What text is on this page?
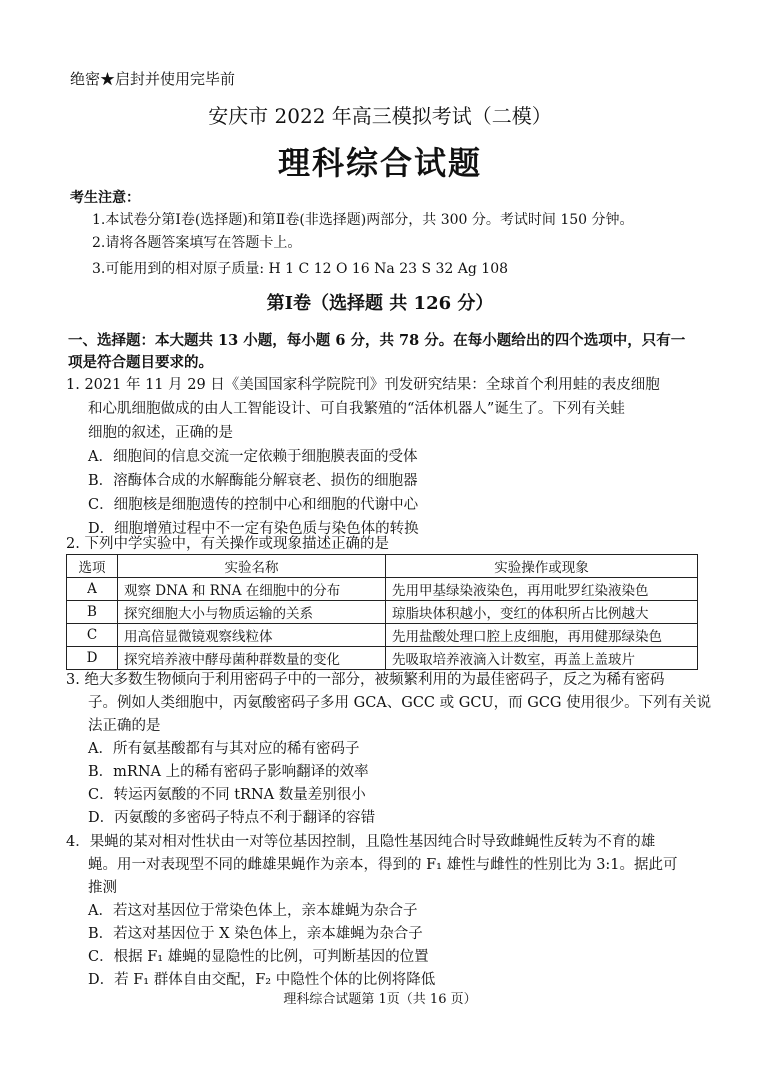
绝密★启封并使用完毕前
安庆市 2022 年高三模拟考试（二模）
理科综合试题
考生注意：
1.本试卷分第Ⅰ卷(选择题)和第Ⅱ卷(非选择题)两部分，共 300 分。考试时间 150 分钟。
2.请将各题答案填写在答题卡上。
3.可能用到的相对原子质量: H 1 C 12 O 16 Na 23 S 32 Ag 108
第Ⅰ卷（选择题 共 126 分）
一、选择题：本大题共 13 小题，每小题 6 分，共 78 分。在每小题给出的四个选项中，只有一项是符合题目要求的。
1. 2021 年 11 月 29 日《美国国家科学院院刊》刊发研究结果：全球首个利用蛙的表皮细胞
和心肌细胞做成的由人工智能设计、可自我繁殖的“活体机器人”诞生了。下列有关蛙
细胞的叙述，正确的是
A．细胞间的信息交流一定依赖于细胞膜表面的受体
B．溶酶体合成的水解酶能分解衰老、损伤的细胞器
C．细胞核是细胞遗传的控制中心和细胞的代谢中心
D．细胞增殖过程中不一定有染色质与染色体的转换
2. 下列中学实验中，有关操作或现象描述正确的是
选项	实验名称	实验操作或现象
A	观察 DNA 和 RNA 在细胞中的分布	先用甲基绿染液染色，再用吡罗红染液染色
B	探究细胞大小与物质运输的关系	琼脂块体积越小，变红的体积所占比例越大
C	用高倍显微镜观察线粒体	先用盐酸处理口腔上皮细胞，再用健那绿染色
D	探究培养液中酵母菌种群数量的变化	先吸取培养液滴入计数室，再盖上盖玻片
3. 绝大多数生物倾向于利用密码子中的一部分，被频繁利用的为最佳密码子，反之为稀有密码
子。例如人类细胞中，丙氨酸密码子多用 GCA、GCC 或 GCU，而 GCG 使用很少。下列有关说
法正确的是
A．所有氨基酸都有与其对应的稀有密码子
B．mRNA 上的稀有密码子影响翻译的效率
C．转运丙氨酸的不同 tRNA 数量差别很小
D．丙氨酸的多密码子特点不利于翻译的容错
4．果蝇的某对相对性状由一对等位基因控制，且隐性基因纯合时导致雌蝇性反转为不育的雄
蝇。用一对表现型不同的雌雄果蝇作为亲本，得到的 F₁ 雄性与雌性的性别比为 3:1。据此可
推测
A．若这对基因位于常染色体上，亲本雄蝇为杂合子
B．若这对基因位于 X 染色体上，亲本雄蝇为杂合子
C．根据 F₁ 雄蝇的显隐性的比例，可判断基因的位置
D．若 F₁ 群体自由交配，F₂ 中隐性个体的比例将降低
理科综合试题第 1页（共 16 页）
